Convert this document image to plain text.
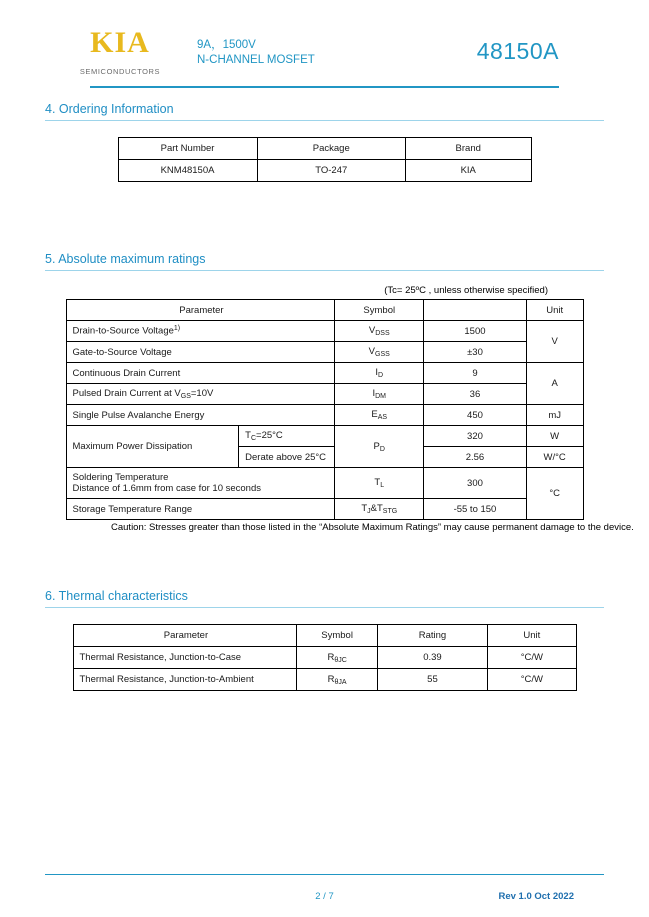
KIA
SEMICONDUCTORS
9A，1500V
N-CHANNEL MOSFET	48150A
4. Ordering Information
Part Number	Package	Brand
KNM48150A	TO-247	KIA
5. Absolute maximum ratings
(Tc= 25ºC , unless otherwise specified)
Parameter		Symbol		Unit
Drain-to-Source Voltage$^{1)}$		$V_{DSS}$	1500	V
Gate-to-Source Voltage		$V_{GSS}$	±30	
Continuous Drain Current		$I_D$	9	A
Pulsed Drain Current at $V_{GS}=10V$		$I_{DM}$	36	
Single Pulse Avalanche Energy		$E_{AS}$	450	mJ
Maximum Power Dissipation	$T_C=25^\circ C$	$P_D$	320	W
	Derate above 25°C		2.56	W/°C

Soldering Temperature
Distance of 1.6mm from case for 10 seconds		$T_L$	300	°C
Storage Temperature Range		$T_J\&T_{STG}$	-55 to 150	
Caution: Stresses greater than those listed in the “Absolute Maximum Ratings” may cause permanent damage to the device.
6. Thermal characteristics
Parameter	Symbol	Rating	Unit
Thermal Resistance, Junction-to-Case	$R_{\theta JC}$	0.39	°C/W
Thermal Resistance, Junction-to-Ambient	$R_{\theta JA}$	55	°C/W
2 / 7	Rev 1.0 Oct 2022
